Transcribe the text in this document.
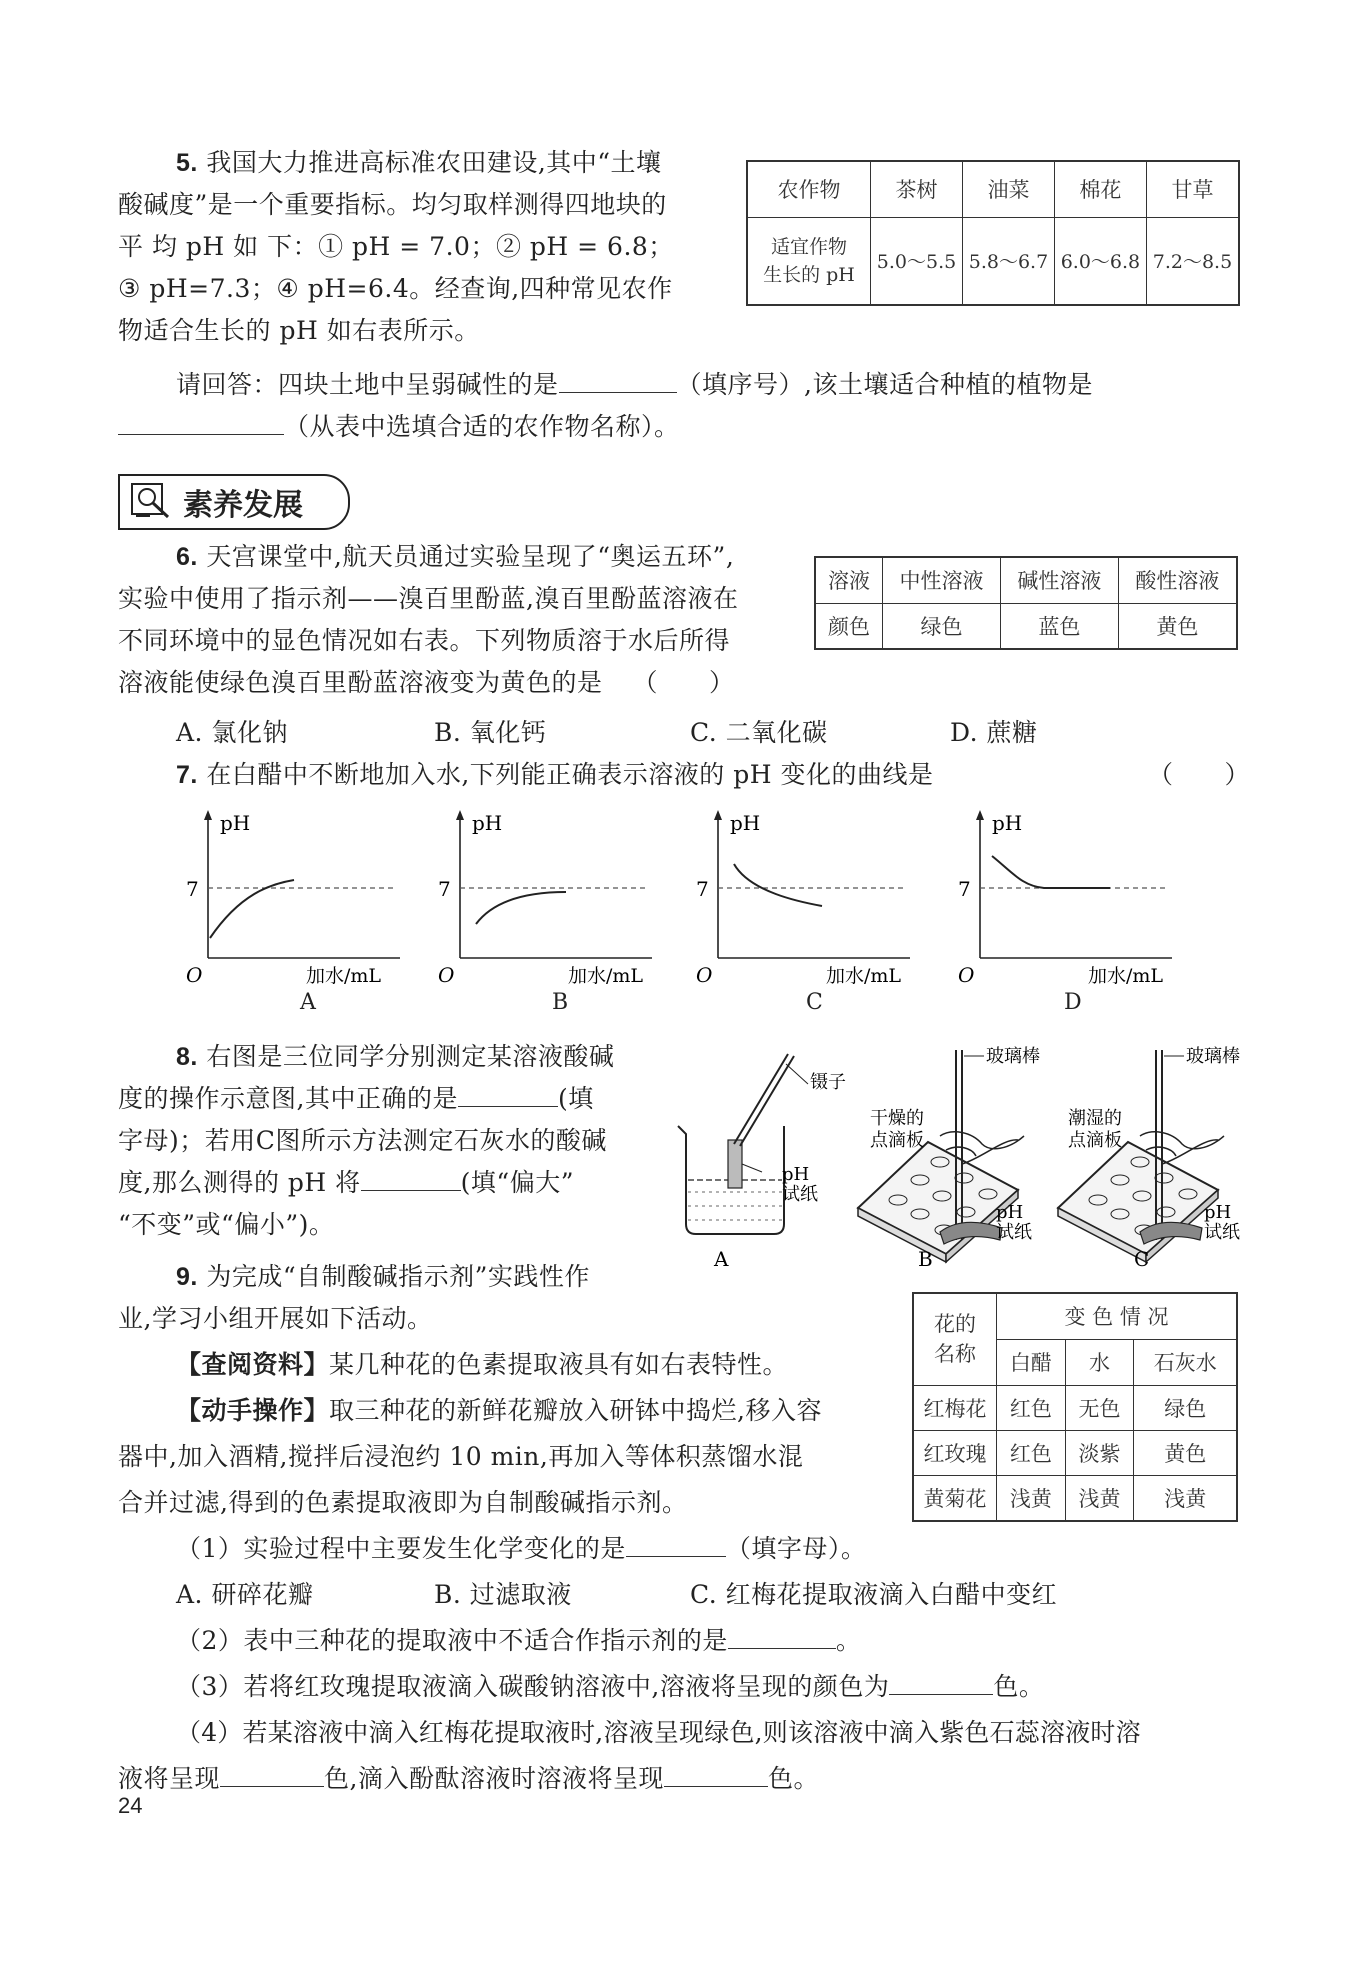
5. 我国大力推进高标准农田建设,其中“土壤
酸碱度”是一个重要指标。均匀取样测得四地块的
平 均 pH 如 下：① pH = 7.0；② pH = 6.8；
③ pH=7.3；④ pH=6.4。经查询,四种常见农作
物适合生长的 pH 如右表所示。
请回答：四块土地中呈弱碱性的是	（填序号）,该土壤适合种植的植物是
（从表中选填合适的农作物名称）。
农作物	茶树	油菜	棉花	甘草
适宜作物
生长的 pH	5.0～5.5	5.8～6.7	6.0～6.8	7.2～8.5
素养发展
6. 天宫课堂中,航天员通过实验呈现了“奥运五环”,
实验中使用了指示剂——溴百里酚蓝,溴百里酚蓝溶液在
不同环境中的显色情况如右表。下列物质溶于水后所得
溶液能使绿色溴百里酚蓝溶液变为黄色的是 （　　）
A. 氯化钠	B. 氧化钙	C. 二氧化碳	D. 蔗糖
溶液	中性溶液	碱性溶液	酸性溶液
颜色	绿色	蓝色	黄色
7. 在白醋中不断地加入水,下列能正确表示溶液的 pH 变化的曲线是	（　　）
pH
7
O	加水/mL
pH
7
O	加水/mL
pH
7
O	加水/mL
pH
7
O	加水/mL
A	B	C	D
8. 右图是三位同学分别测定某溶液酸碱
度的操作示意图,其中正确的是	(填
字母)；若用C图所示方法测定石灰水的酸碱
度,那么测得的 pH 将	(填“偏大”
“不变”或“偏小”)。
镊子
pH
试纸
A
玻璃棒
干燥的
点滴板
pH
试纸
B
玻璃棒
潮湿的
点滴板
pH
试纸
C
9. 为完成“自制酸碱指示剂”实践性作
业,学习小组开展如下活动。
【查阅资料】某几种花的色素提取液具有如右表特性。
【动手操作】取三种花的新鲜花瓣放入研钵中捣烂,移入容
器中,加入酒精,搅拌后浸泡约 10 min,再加入等体积蒸馏水混
合并过滤,得到的色素提取液即为自制酸碱指示剂。
（1）实验过程中主要发生化学变化的是	（填字母）。
A. 研碎花瓣	B. 过滤取液	C. 红梅花提取液滴入白醋中变红
（2）表中三种花的提取液中不适合作指示剂的是	。
（3）若将红玫瑰提取液滴入碳酸钠溶液中,溶液将呈现的颜色为	色。
（4）若某溶液中滴入红梅花提取液时,溶液呈现绿色,则该溶液中滴入紫色石蕊溶液时溶
液将呈现	色,滴入酚酞溶液时溶液将呈现	色。
花的
名称	变 色 情 况		
	白醋	水	石灰水
红梅花	红色	无色	绿色
红玫瑰	红色	淡紫	黄色
黄菊花	浅黄	浅黄	浅黄
24
